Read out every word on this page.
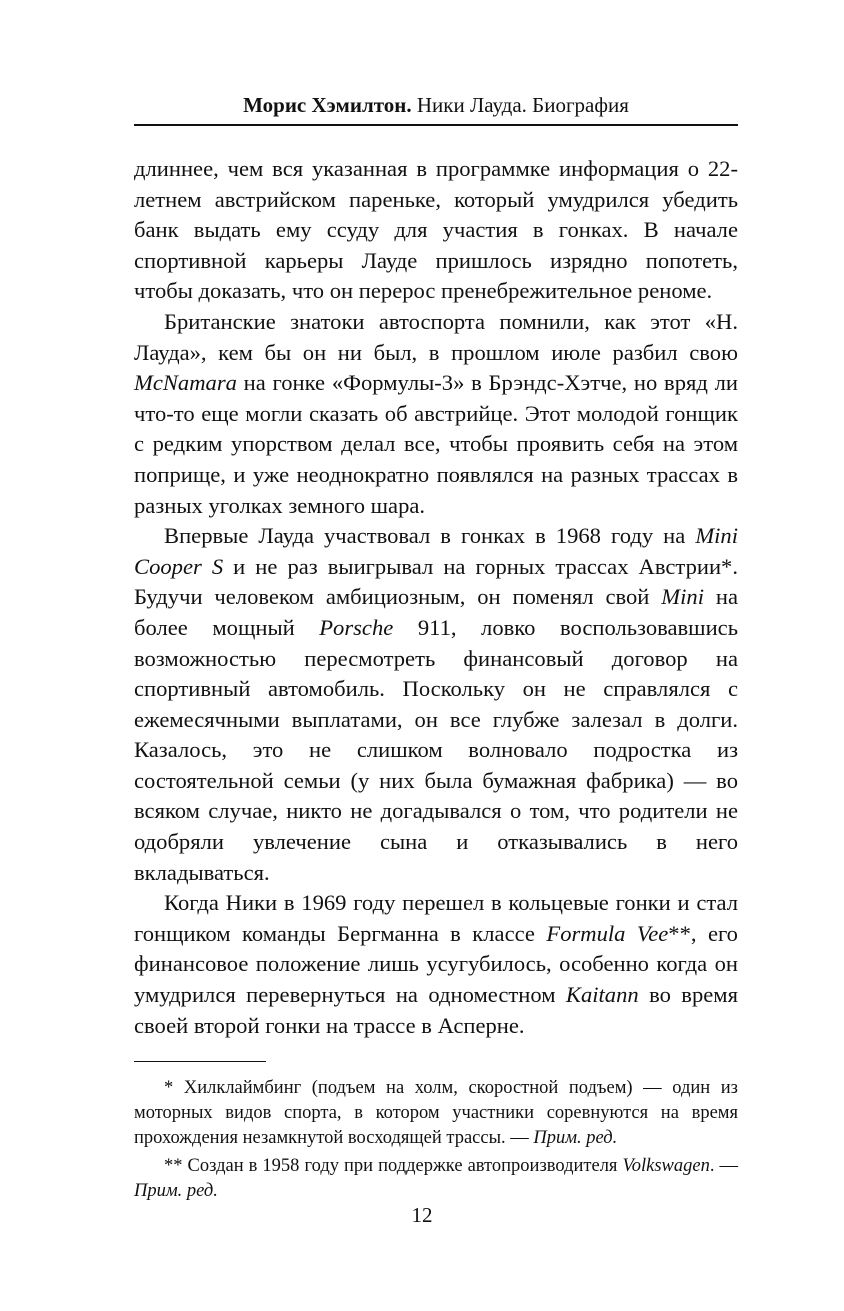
Морис Хэмилтон. Ники Лауда. Биография

длиннее, чем вся указанная в программке информация о 22-летнем австрийском пареньке, который умудрился убедить банк выдать ему ссуду для участия в гонках. В начале спортивной карьеры Лауде пришлось изрядно попотеть, чтобы доказать, что он перерос пренебрежительное реноме.

Британские знатоки автоспорта помнили, как этот «Н. Лауда», кем бы он ни был, в прошлом июле разбил свою McNamara на гонке «Формулы-3» в Брэндс-Хэтче, но вряд ли что-то еще могли сказать об австрийце. Этот молодой гонщик с редким упорством делал все, чтобы проявить себя на этом поприще, и уже неоднократно появлялся на разных трассах в разных уголках земного шара.

Впервые Лауда участвовал в гонках в 1968 году на Mini Cooper S и не раз выигрывал на горных трассах Австрии*. Будучи человеком амбициозным, он поменял свой Mini на более мощный Porsche 911, ловко воспользовавшись возможностью пересмотреть финансовый договор на спортивный автомобиль. Поскольку он не справлялся с ежемесячными выплатами, он все глубже залезал в долги. Казалось, это не слишком волновало подростка из состоятельной семьи (у них была бумажная фабрика) — во всяком случае, никто не догадывался о том, что родители не одобряли увлечение сына и отказывались в него вкладываться.

Когда Ники в 1969 году перешел в кольцевые гонки и стал гонщиком команды Бергманна в классе Formula Vee**, его финансовое положение лишь усугубилось, особенно когда он умудрился перевернуться на одноместном Kaitann во время своей второй гонки на трассе в Асперне.

* Хилклаймбинг (подъем на холм, скоростной подъем) — один из моторных видов спорта, в котором участники соревнуются на время прохождения незамкнутой восходящей трассы. — Прим. ред.

** Создан в 1958 году при поддержке автопроизводителя Volkswagen. — Прим. ред.

12
